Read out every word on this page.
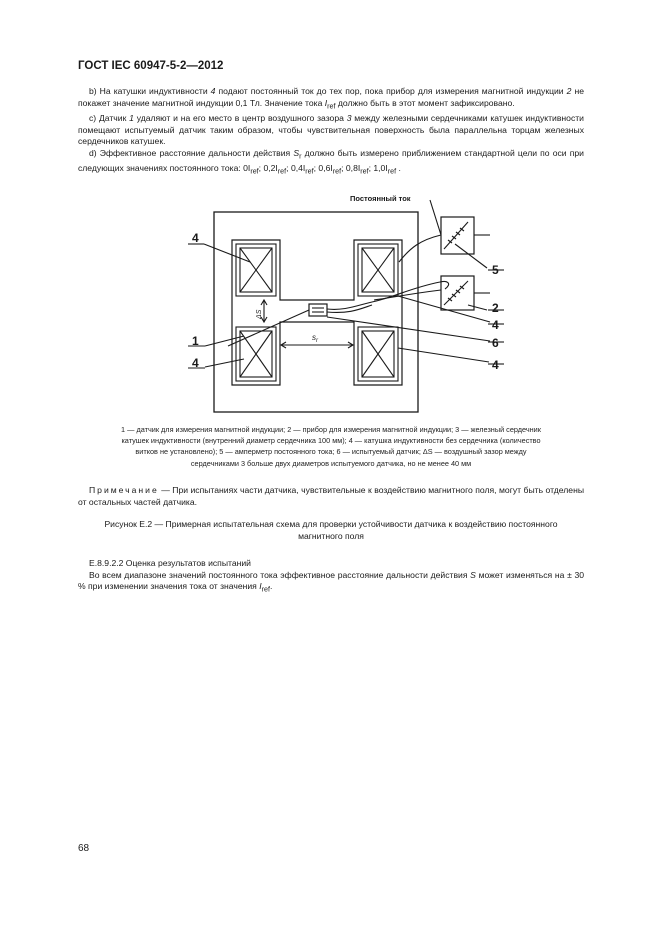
ГОСТ IEC 60947-5-2—2012

b) На катушки индуктивности 4 подают постоянный ток до тех пор, пока прибор для измерения магнитной индукции 2 не покажет значение магнитной индукции 0,1 Тл. Значение тока $I_{ref}$ должно быть в этот момент зафиксировано.

c) Датчик 1 удаляют и на его место в центр воздушного зазора 3 между железными сердечниками катушек индуктивности помещают испытуемый датчик таким образом, чтобы чувствительная поверхность была параллельна торцам железных сердечников катушек.

d) Эффективное расстояние дальности действия $S_r$ должно быть измерено приближением стандартной цели по оси при следующих значениях постоянного тока: $0I_{ref}$; $0,2I_{ref}$; $0,4I_{ref}$; $0,6I_{ref}$; $0,8I_{ref}$; $1,0I_{ref}$ .

Постоянный ток
4
5
2
4
1	6
4	4
ΔS
$s_r$
1 — датчик для измерения магнитной индукции; 2 — прибор для измерения магнитной индукции; 3 — железный сердечник
катушек индуктивности (внутренний диаметр сердечника 100 мм); 4 — катушка индуктивности без сердечника (количество
витков не установлено); 5 — амперметр постоянного тока; 6 — испытуемый датчик; ΔS — воздушный зазор между
сердечниками 3 больше двух диаметров испытуемого датчика, но не менее 40 мм

Примечание — При испытаниях части датчика, чувствительные к воздействию магнитного поля, могут быть отделены от остальных частей датчика.

Рисунок Е.2 — Примерная испытательная схема для проверки устойчивости датчика к воздействию постоянного
магнитного поля

Е.8.9.2.2 Оценка результатов испытаний

Во всем диапазоне значений постоянного тока эффективное расстояние дальности действия S может изменяться на ± 30 % при изменении значения тока от значения $I_{ref}$.

68
